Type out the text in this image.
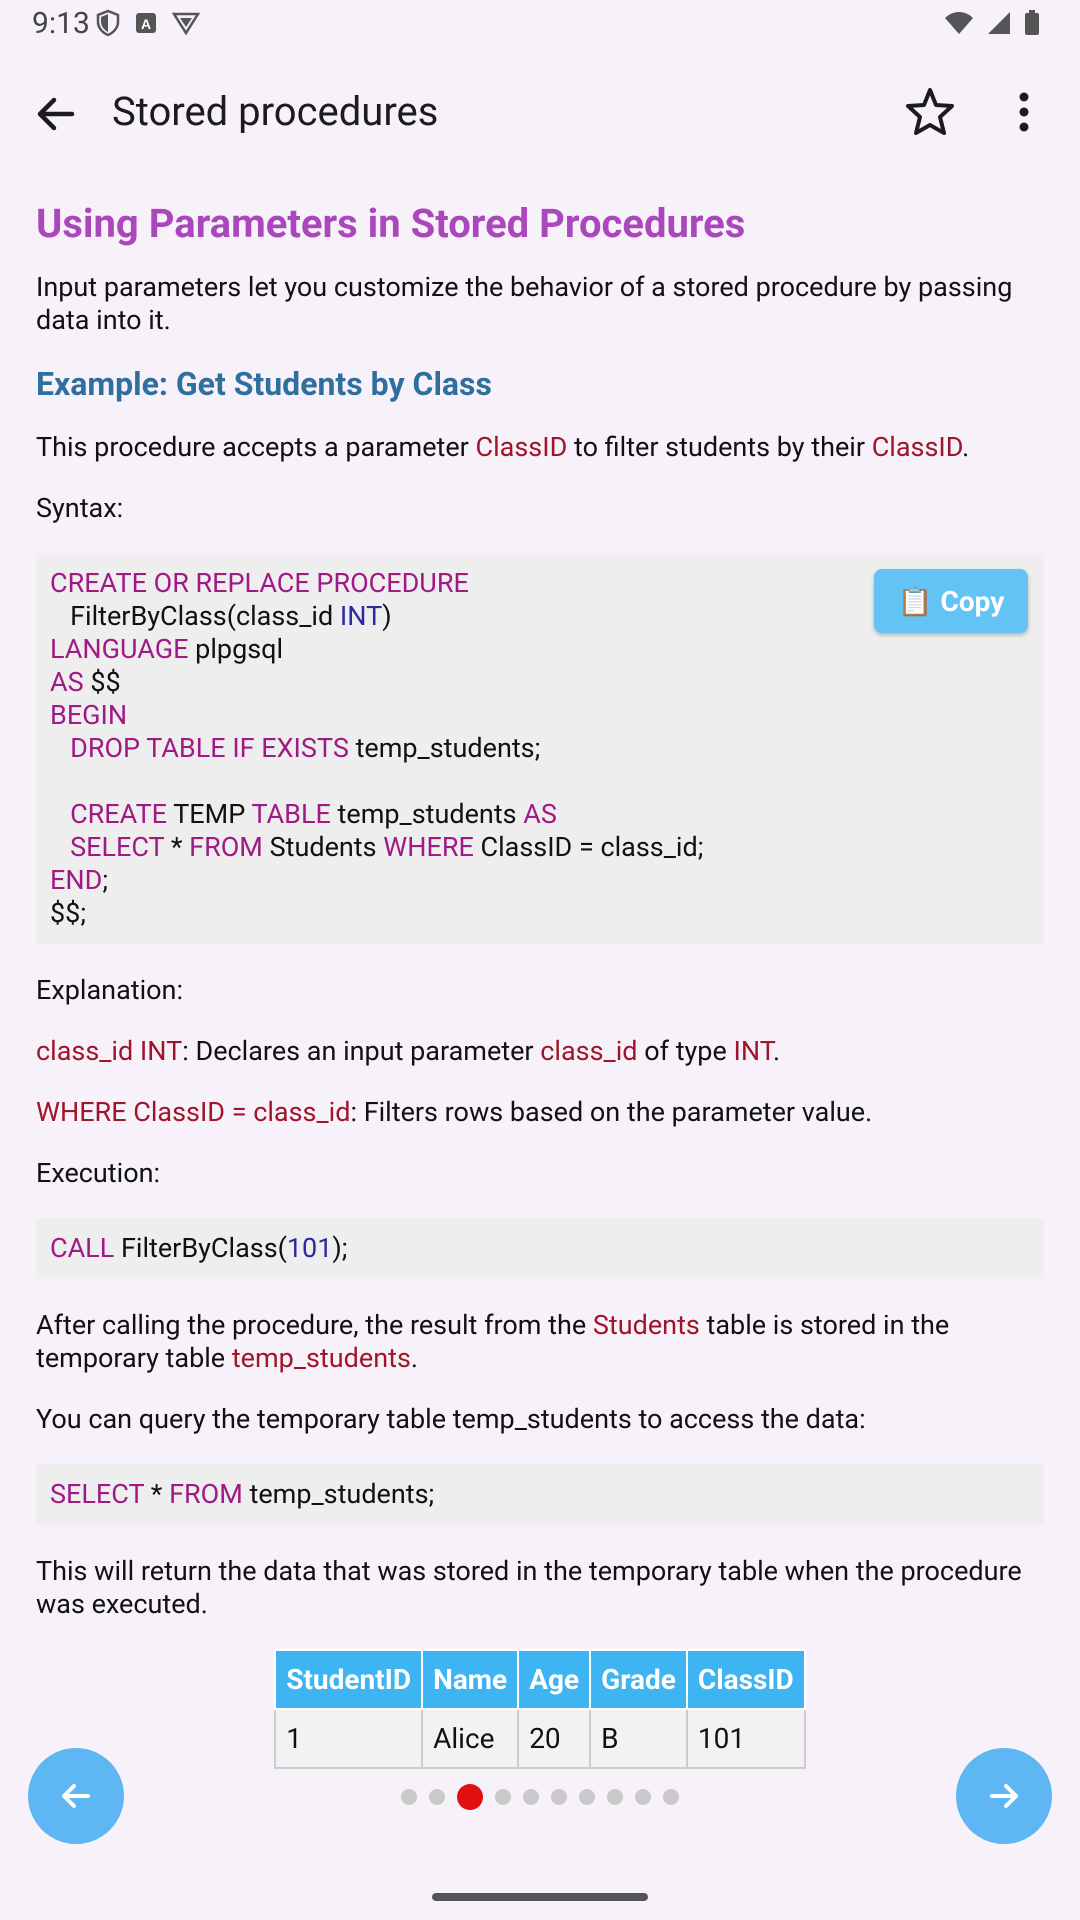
9:13	A
Stored procedures
Using Parameters in Stored Procedures
Input parameters let you customize the behavior of a stored procedure by passing data into it.
Example: Get Students by Class
This procedure accepts a parameter ClassID to filter students by their ClassID.
Syntax:
📋 Copy
CREATE OR REPLACE PROCEDURE
FilterByClass(class_id INT)
LANGUAGE plpgsql
AS $$
BEGIN
DROP TABLE IF EXISTS temp_students;

CREATE TEMP TABLE temp_students AS
SELECT * FROM Students WHERE ClassID = class_id;
END;
$$;
Explanation:
class_id INT: Declares an input parameter class_id of type INT.
WHERE ClassID = class_id: Filters rows based on the parameter value.
Execution:
CALL FilterByClass(101);
After calling the procedure, the result from the Students table is stored in the temporary table temp_students.
You can query the temporary table temp_students to access the data:
SELECT * FROM temp_students;
This will return the data that was stored in the temporary table when the procedure was executed.
StudentID	Name	Age	Grade	ClassID
1	Alice	20	B	101
